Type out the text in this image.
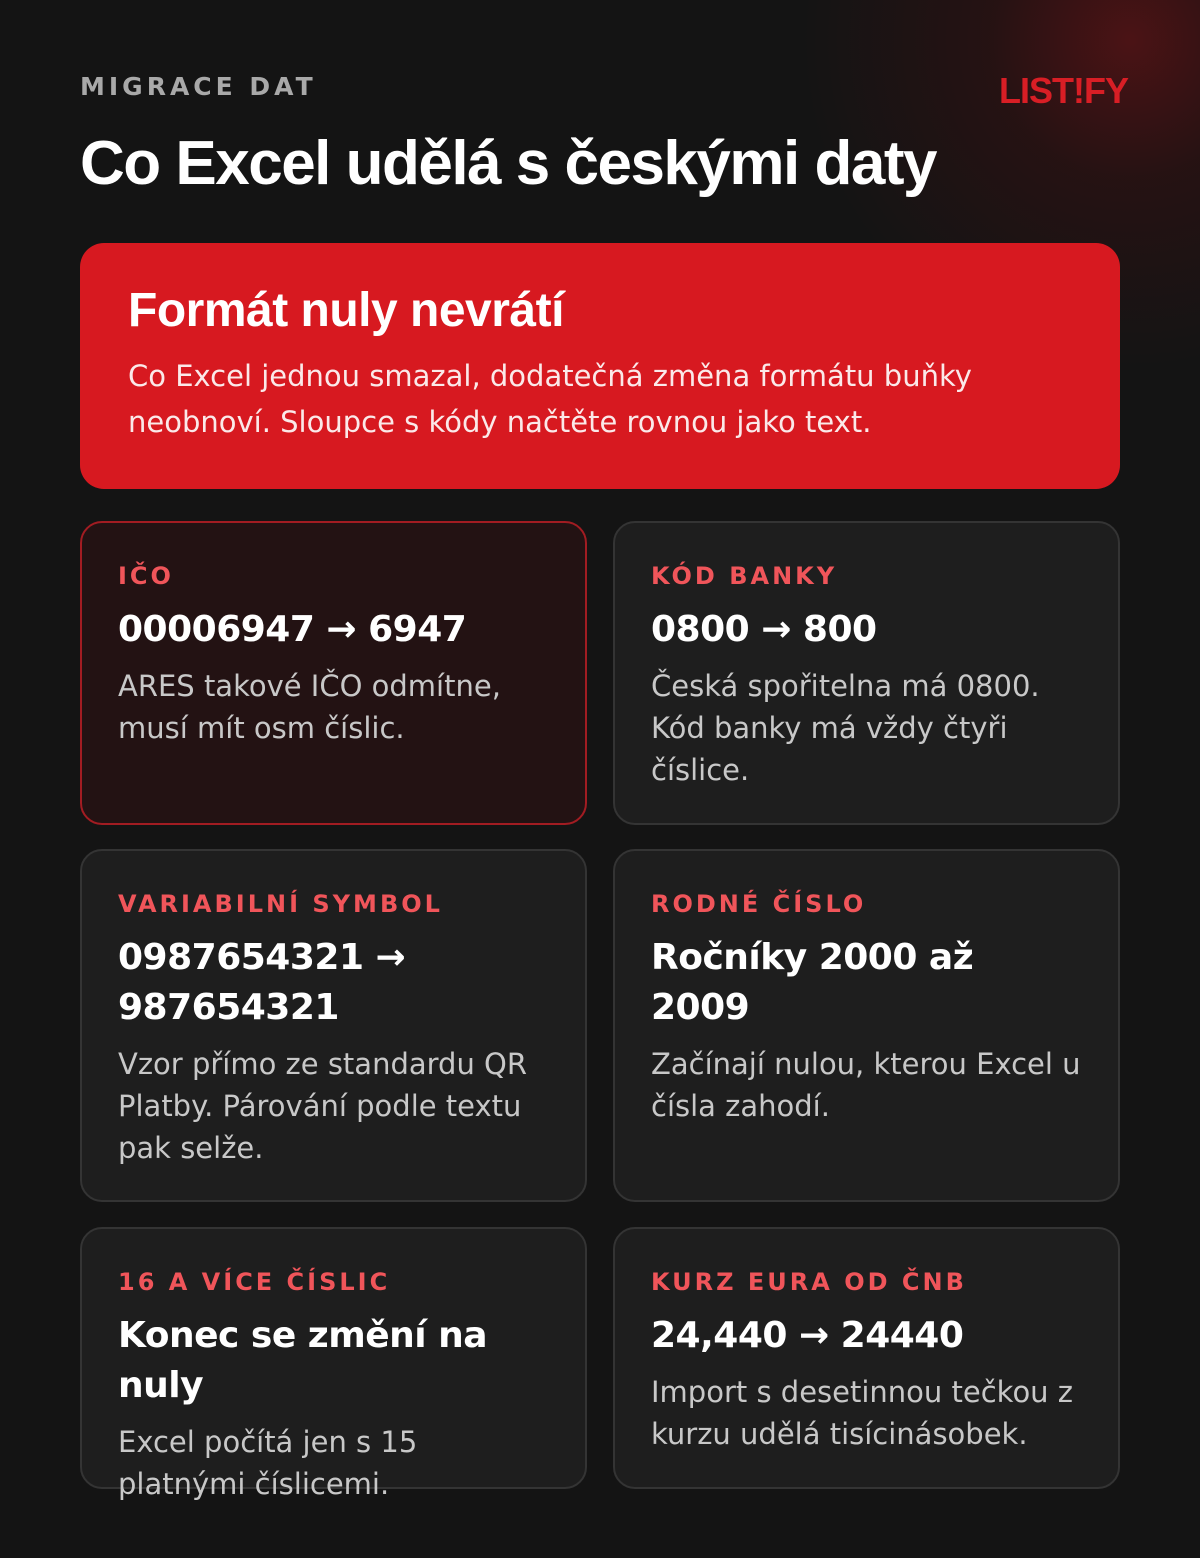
MIGRACE DAT	LIST!FY
Co Excel udělá s českými daty
Formát nuly nevrátí
Co Excel jednou smazal, dodatečná změna formátu buňky neobnoví. Sloupce s kódy načtěte rovnou jako text.
IČO
00006947 → 6947
ARES takové IČO odmítne, musí mít osm číslic.
KÓD BANKY
0800 → 800
Česká spořitelna má 0800. Kód banky má vždy čtyři číslice.
VARIABILNÍ SYMBOL
0987654321 → 987654321
Vzor přímo ze standardu QR Platby. Párování podle textu pak selže.
RODNÉ ČÍSLO
Ročníky 2000 až 2009
Začínají nulou, kterou Excel u čísla zahodí.
16 A VÍCE ČÍSLIC
Konec se změní na nuly
Excel počítá jen s 15 platnými číslicemi.
KURZ EURA OD ČNB
24,440 → 24440
Import s desetinnou tečkou z kurzu udělá tisícinásobek.
